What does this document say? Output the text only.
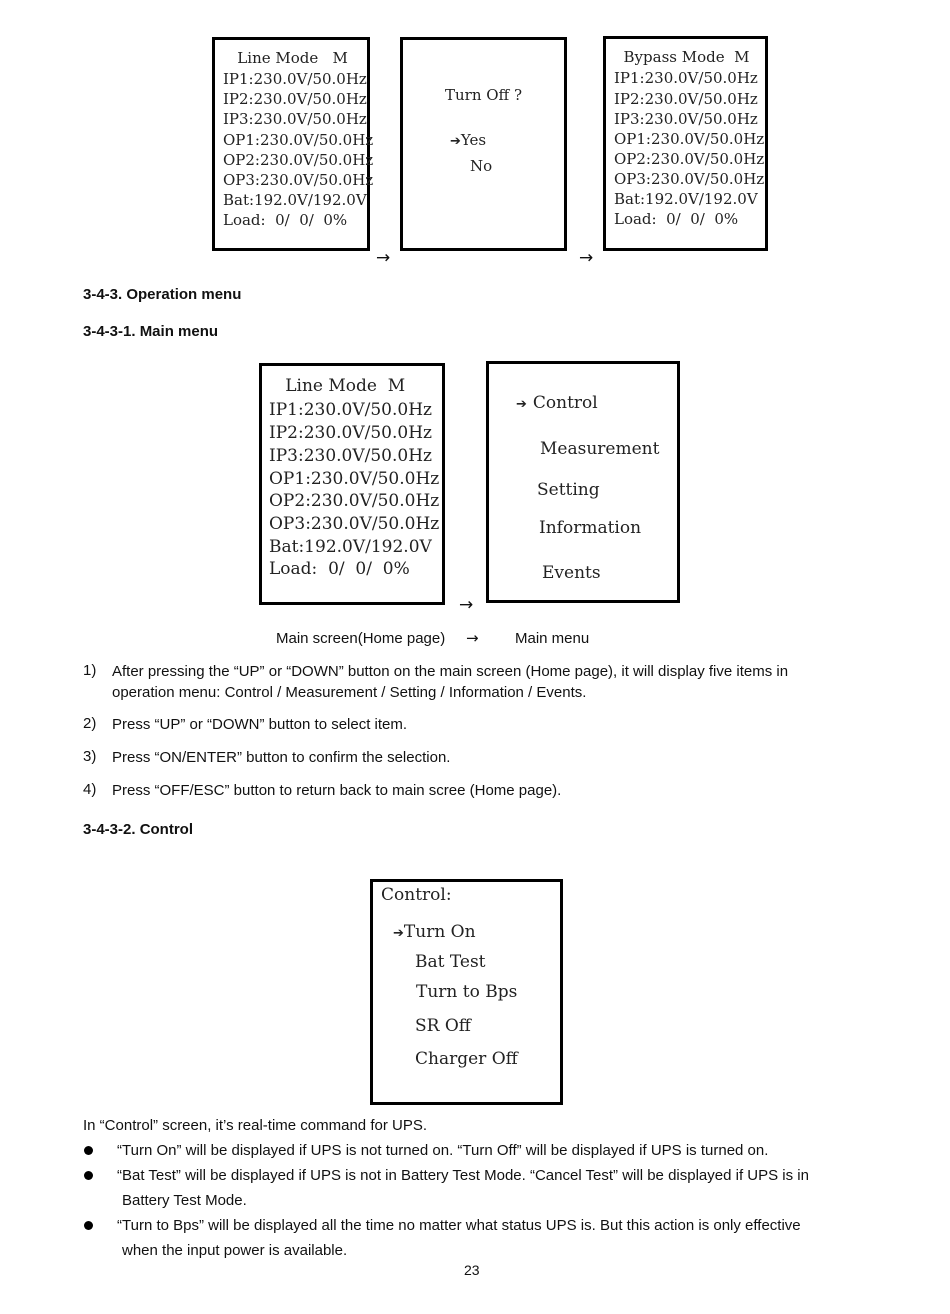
Line Mode   M
IP1:230.0V/50.0Hz
IP2:230.0V/50.0Hz
IP3:230.0V/50.0Hz
OP1:230.0V/50.0Hz
OP2:230.0V/50.0Hz
OP3:230.0V/50.0Hz
Bat:192.0V/192.0V
Load:  0/  0/  0%
Turn Off ?
➔Yes
No
Bypass Mode  M
IP1:230.0V/50.0Hz
IP2:230.0V/50.0Hz
IP3:230.0V/50.0Hz
OP1:230.0V/50.0Hz
OP2:230.0V/50.0Hz
OP3:230.0V/50.0Hz
Bat:192.0V/192.0V
Load:  0/  0/  0%
→	→
3-4-3. Operation menu
3-4-3-1. Main menu
Line Mode  M
IP1:230.0V/50.0Hz
IP2:230.0V/50.0Hz
IP3:230.0V/50.0Hz
OP1:230.0V/50.0Hz
OP2:230.0V/50.0Hz
OP3:230.0V/50.0Hz
Bat:192.0V/192.0V
Load:  0/  0/  0%
→
➔ Control
Measurement
Setting
Information
Events
Main screen(Home page) → Main menu
1) After pressing the “UP” or “DOWN” button on the main screen (Home page), it will display five items in
operation menu: Control / Measurement / Setting / Information / Events.
2) Press “UP” or “DOWN” button to select item.
3) Press “ON/ENTER” button to confirm the selection.
4) Press “OFF/ESC” button to return back to main scree (Home page).
3-4-3-2. Control
Control:
➔Turn On
Bat Test
Turn to Bps
SR Off
Charger Off
In “Control” screen, it’s real-time command for UPS.
“Turn On” will be displayed if UPS is not turned on. “Turn Off” will be displayed if UPS is turned on.
“Bat Test” will be displayed if UPS is not in Battery Test Mode. “Cancel Test” will be displayed if UPS is in
Battery Test Mode.
“Turn to Bps” will be displayed all the time no matter what status UPS is. But this action is only effective
when the input power is available.
23
